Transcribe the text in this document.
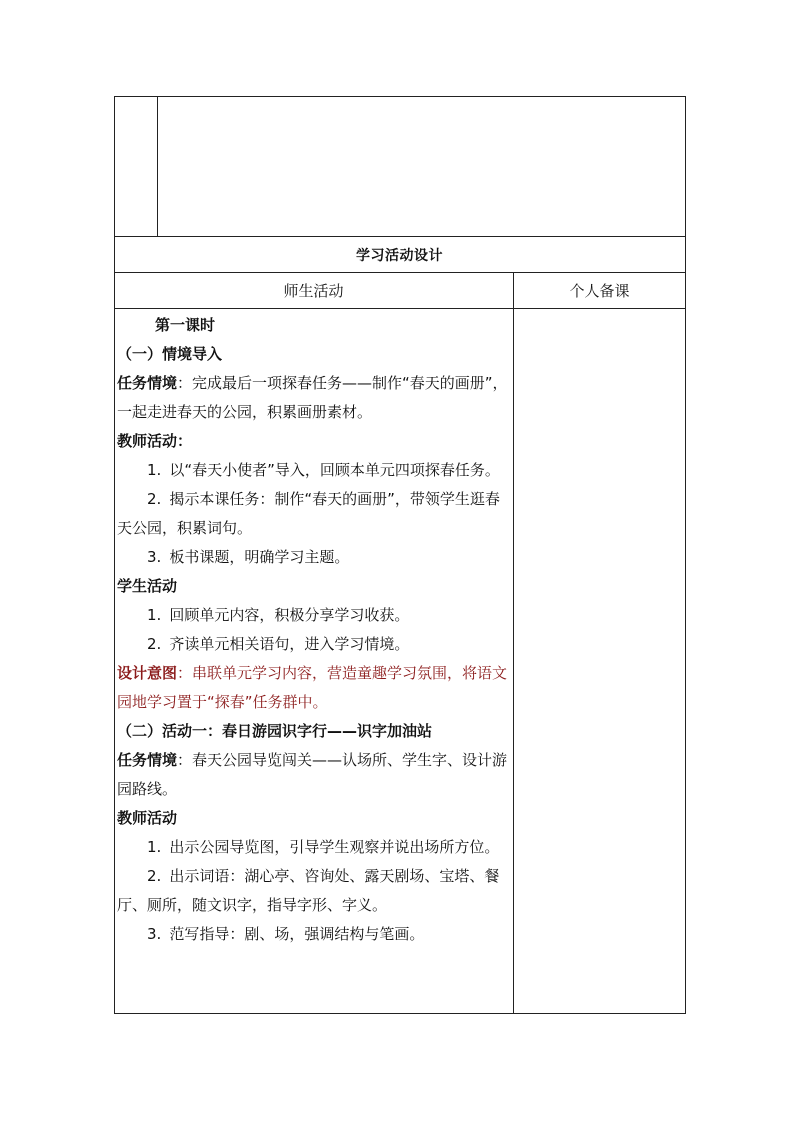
学习活动设计
师生活动	个人备课

第一课时

（一）情境导入

任务情境：完成最后一项探春任务——制作“春天的画册”，一起走进春天的公园，积累画册素材。

教师活动：

1. 以“春天小使者”导入，回顾本单元四项探春任务。

2. 揭示本课任务：制作“春天的画册”，带领学生逛春天公园，积累词句。

3. 板书课题，明确学习主题。

学生活动

1. 回顾单元内容，积极分享学习收获。

2. 齐读单元相关语句，进入学习情境。

设计意图：串联单元学习内容，营造童趣学习氛围，将语文园地学习置于“探春”任务群中。

（二）活动一：春日游园识字行——识字加油站

任务情境：春天公园导览闯关——认场所、学生字、设计游园路线。

教师活动

1. 出示公园导览图，引导学生观察并说出场所方位。

2. 出示词语：湖心亭、咨询处、露天剧场、宝塔、餐厅、厕所，随文识字，指导字形、字义。

3. 范写指导：剧、场，强调结构与笔画。
